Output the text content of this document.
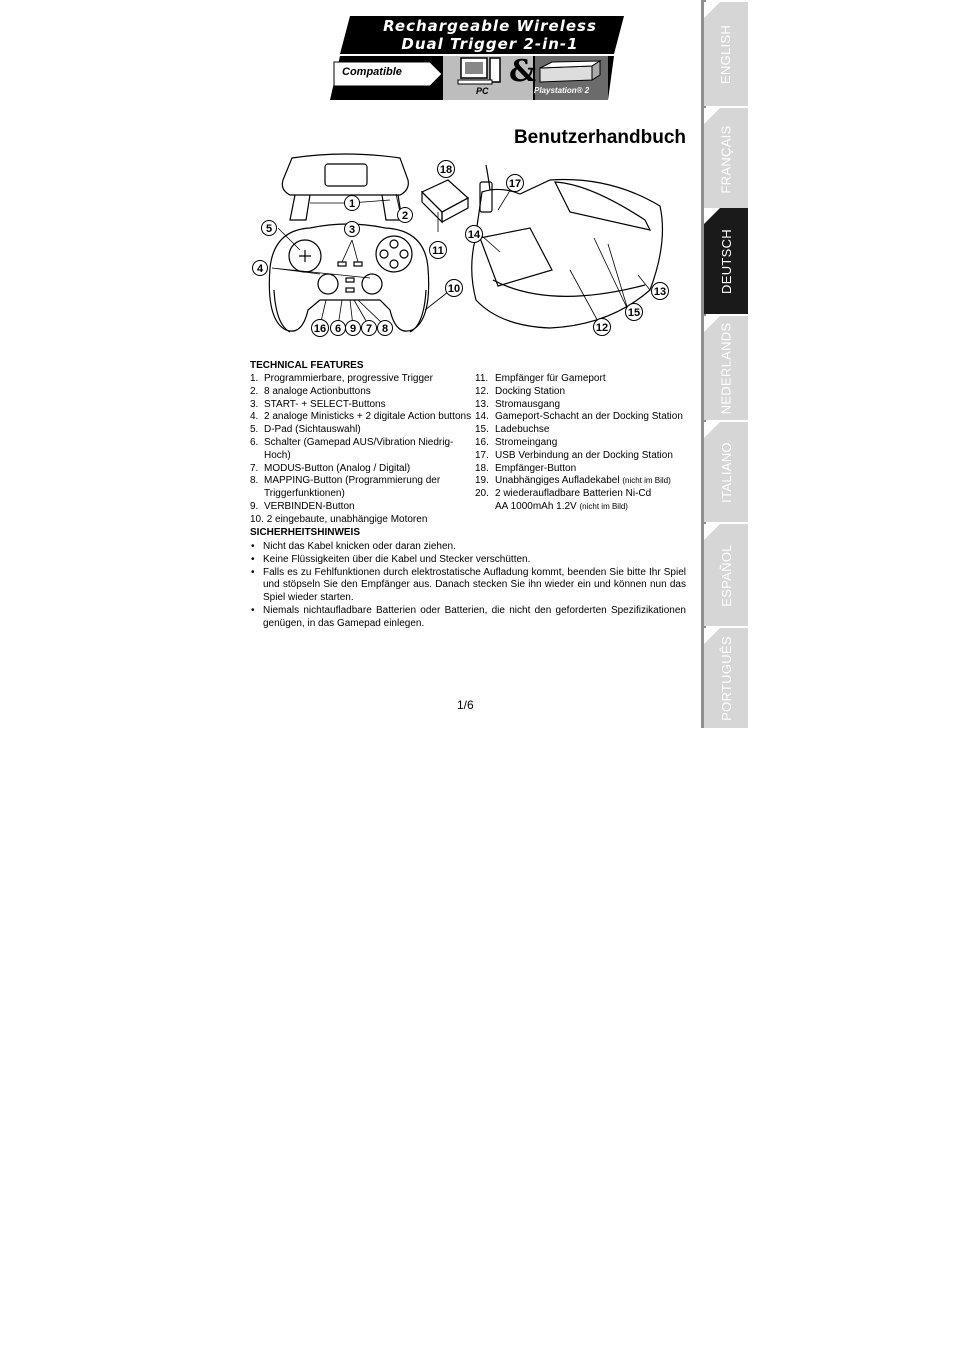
Rechargeable Wireless
Dual Trigger 2-in-1
Compatible	&
PC	Playstation® 2
Benutzerhandbuch
1
2
3
4
5
6 7 8
9
10
11
12
13
14
15
16
17
18
TECHNICAL FEATURES
1. Programmierbare, progressive Trigger
2. 8 analoge Actionbuttons
3. START- + SELECT-Buttons
4. 2 analoge Ministicks + 2 digitale Action buttons
5. D-Pad (Sichtauswahl)
6. Schalter (Gamepad AUS/Vibration Niedrig-Hoch)
7. MODUS-Button (Analog / Digital)
8. MAPPING-Button (Programmierung der Triggerfunktionen)
9. VERBINDEN-Button
10. 2 eingebaute, unabhängige Motoren
11. Empfänger für Gameport
12. Docking Station
13. Stromausgang
14. Gameport-Schacht an der Docking Station
15. Ladebuchse
16. Stromeingang
17. USB Verbindung an der Docking Station
18. Empfänger-Button
19. Unabhängiges Aufladekabel (nicht im Bild)
20. 2 wiederaufladbare Batterien Ni-Cd AA 1000mAh 1.2V (nicht im Bild)
SICHERHEITSHINWEIS
• Nicht das Kabel knicken oder daran ziehen.
• Keine Flüssigkeiten über die Kabel und Stecker verschütten.
• Falls es zu Fehlfunktionen durch elektrostatische Aufladung kommt, beenden Sie bitte Ihr Spiel und stöpseln Sie den Empfänger aus. Danach stecken Sie ihn wieder ein und können nun das Spiel wieder starten.
• Niemals nichtaufladbare Batterien oder Batterien, die nicht den geforderten Spezifizikationen genügen, in das Gamepad einlegen.
1/6
ENGLISH
FRANÇAIS
DEUTSCH
NEDERLANDS
ITALIANO
ESPAÑOL
PORTUGUÊS
